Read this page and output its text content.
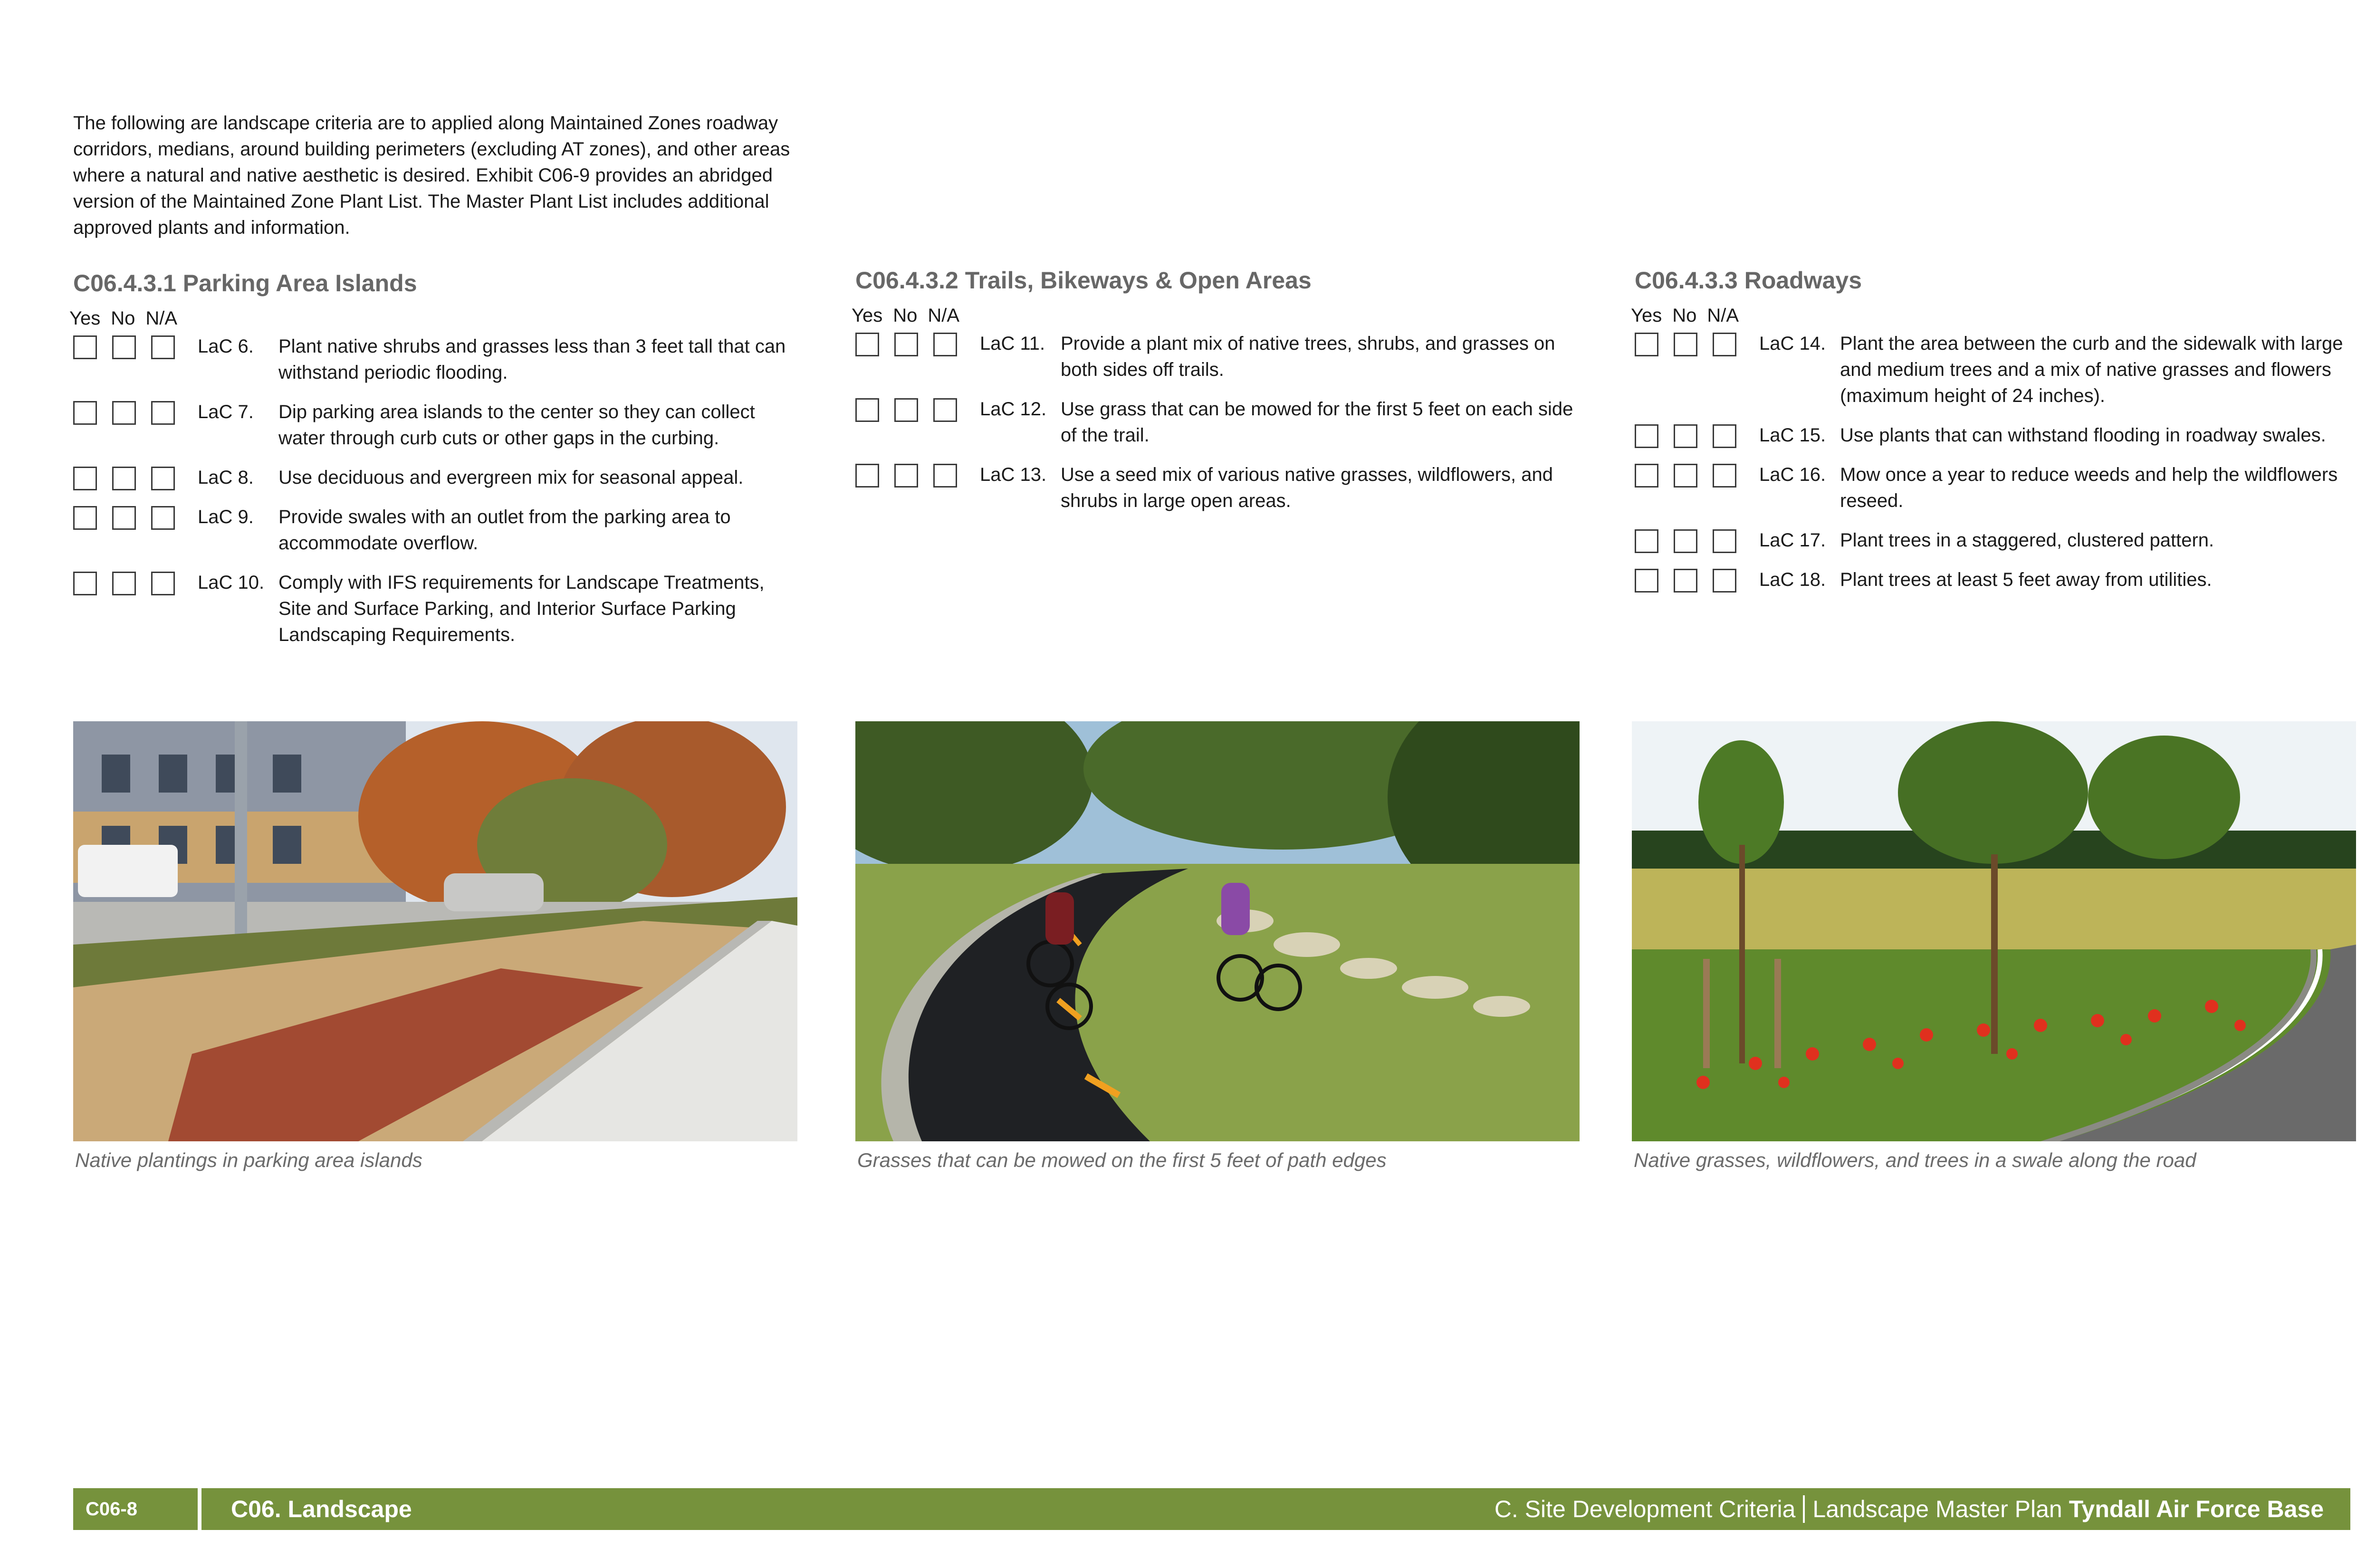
The following are landscape criteria are to applied along Maintained Zones roadway corridors, medians, around building perimeters (excluding AT zones), and other areas where a natural and native aesthetic is desired. Exhibit C06-9 provides an abridged version of the Maintained Zone Plant List. The Master Plant List includes additional approved plants and information.
C06.4.3.1 Parking Area Islands
Yes No N/A
LaC 6.	Plant native shrubs and grasses less than 3 feet tall that can withstand periodic flooding.
LaC 7.	Dip parking area islands to the center so they can collect water through curb cuts or other gaps in the curbing.
LaC 8.	Use deciduous and evergreen mix for seasonal appeal.
LaC 9.	Provide swales with an outlet from the parking area to accommodate overflow.
LaC 10. Comply with IFS requirements for Landscape Treatments, Site and Surface Parking, and Interior Surface Parking Landscaping Requirements.
C06.4.3.2 Trails, Bikeways & Open Areas
Yes No N/A
LaC 11. Provide a plant mix of native trees, shrubs, and grasses on both sides off trails.
LaC 12. Use grass that can be mowed for the first 5 feet on each side of the trail.
LaC 13. Use a seed mix of various native grasses, wildflowers, and shrubs in large open areas.
C06.4.3.3 Roadways
Yes No N/A
LaC 14. Plant the area between the curb and the sidewalk with large and medium trees and a mix of native grasses and flowers (maximum height of 24 inches).
LaC 15. Use plants that can withstand flooding in roadway swales.
LaC 16. Mow once a year to reduce weeds and help the wildflowers reseed.
LaC 17. Plant trees in a staggered, clustered pattern.
LaC 18. Plant trees at least 5 feet away from utilities.
Native plantings in parking area islands	Grasses that can be mowed on the first 5 feet of path edges	Native grasses, wildflowers, and trees in a swale along the road
C06-8	C06. Landscape	C. Site Development Criteria Landscape Master Plan Tyndall Air Force Base
